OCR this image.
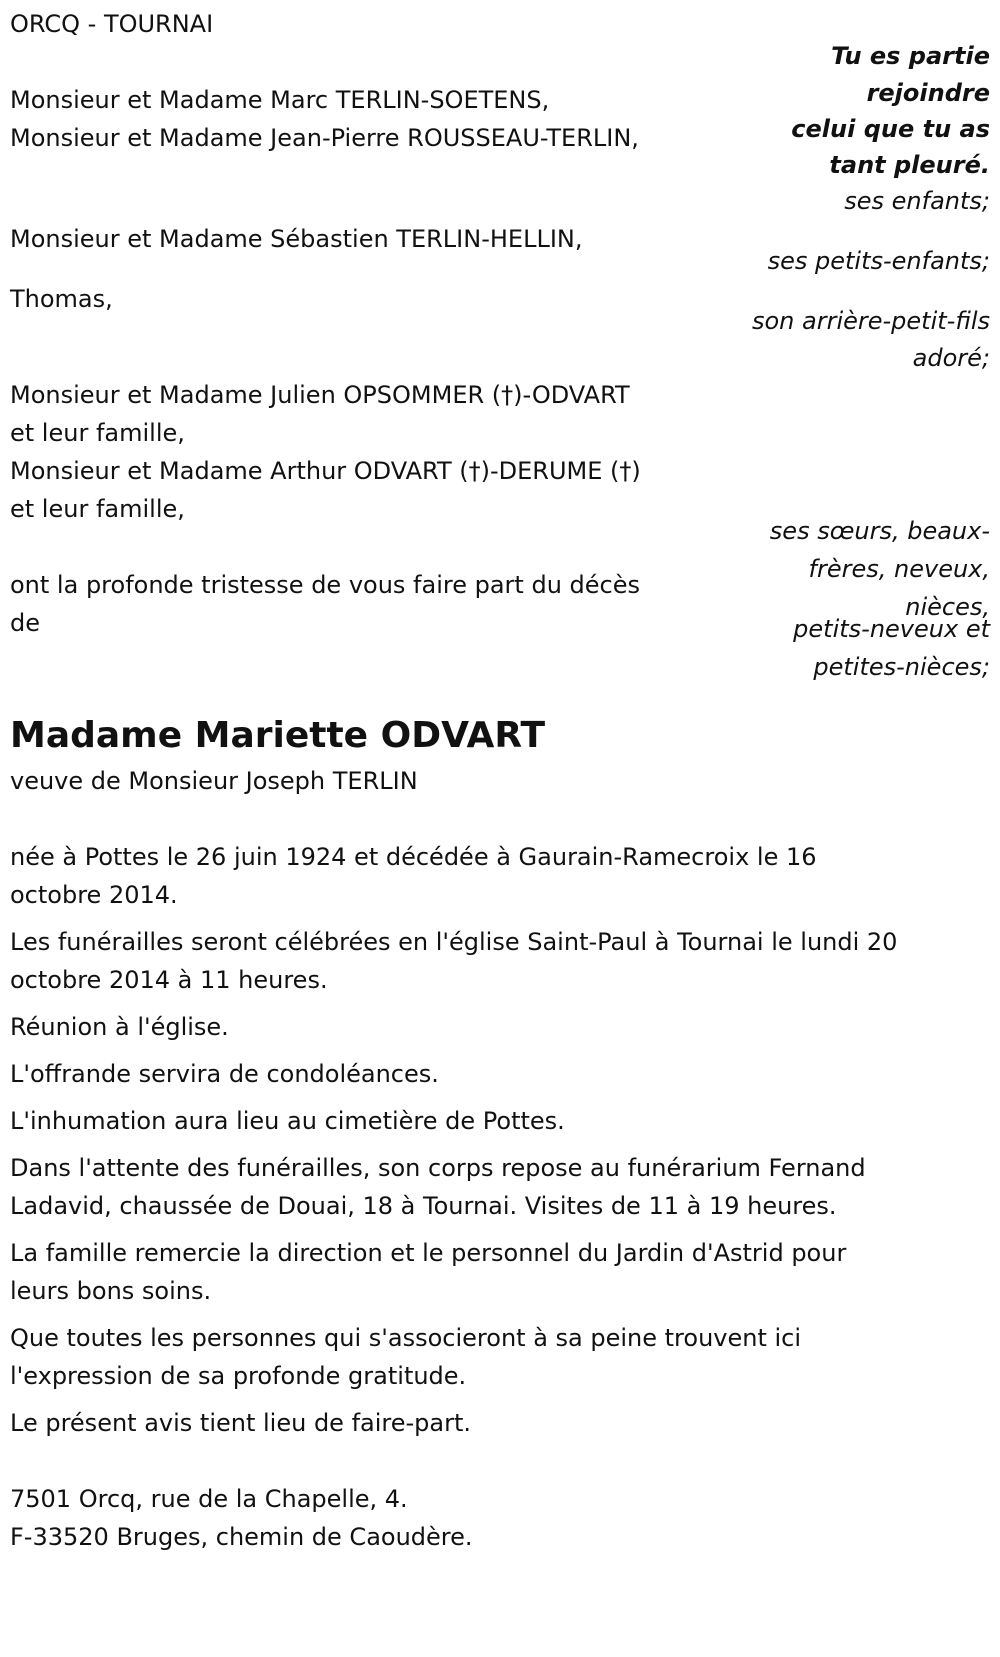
ORCQ - TOURNAI
Tu es partie
rejoindre
celui que tu as
tant pleuré.
Monsieur et Madame Marc TERLIN-SOETENS,
Monsieur et Madame Jean-Pierre ROUSSEAU-TERLIN,
ses enfants;
Monsieur et Madame Sébastien TERLIN-HELLIN,
ses petits-enfants;
Thomas,
son arrière-petit-fils
adoré;
Monsieur et Madame Julien OPSOMMER (†)-ODVART
et leur famille,
Monsieur et Madame Arthur ODVART (†)-DERUME (†)
et leur famille,
ses sœurs, beaux-
frères, neveux,
nièces,
petits-neveux et
petites-nièces;
ont la profonde tristesse de vous faire part du décès
de
Madame Mariette ODVART
veuve de Monsieur Joseph TERLIN
née à Pottes le 26 juin 1924 et décédée à Gaurain-Ramecroix le 16
octobre 2014.
Les funérailles seront célébrées en l'église Saint-Paul à Tournai le lundi 20
octobre 2014 à 11 heures.
Réunion à l'église.
L'offrande servira de condoléances.
L'inhumation aura lieu au cimetière de Pottes.
Dans l'attente des funérailles, son corps repose au funérarium Fernand
Ladavid, chaussée de Douai, 18 à Tournai. Visites de 11 à 19 heures.
La famille remercie la direction et le personnel du Jardin d'Astrid pour
leurs bons soins.
Que toutes les personnes qui s'associeront à sa peine trouvent ici
l'expression de sa profonde gratitude.
Le présent avis tient lieu de faire-part.
7501 Orcq, rue de la Chapelle, 4.
F-33520 Bruges, chemin de Caoudère.
